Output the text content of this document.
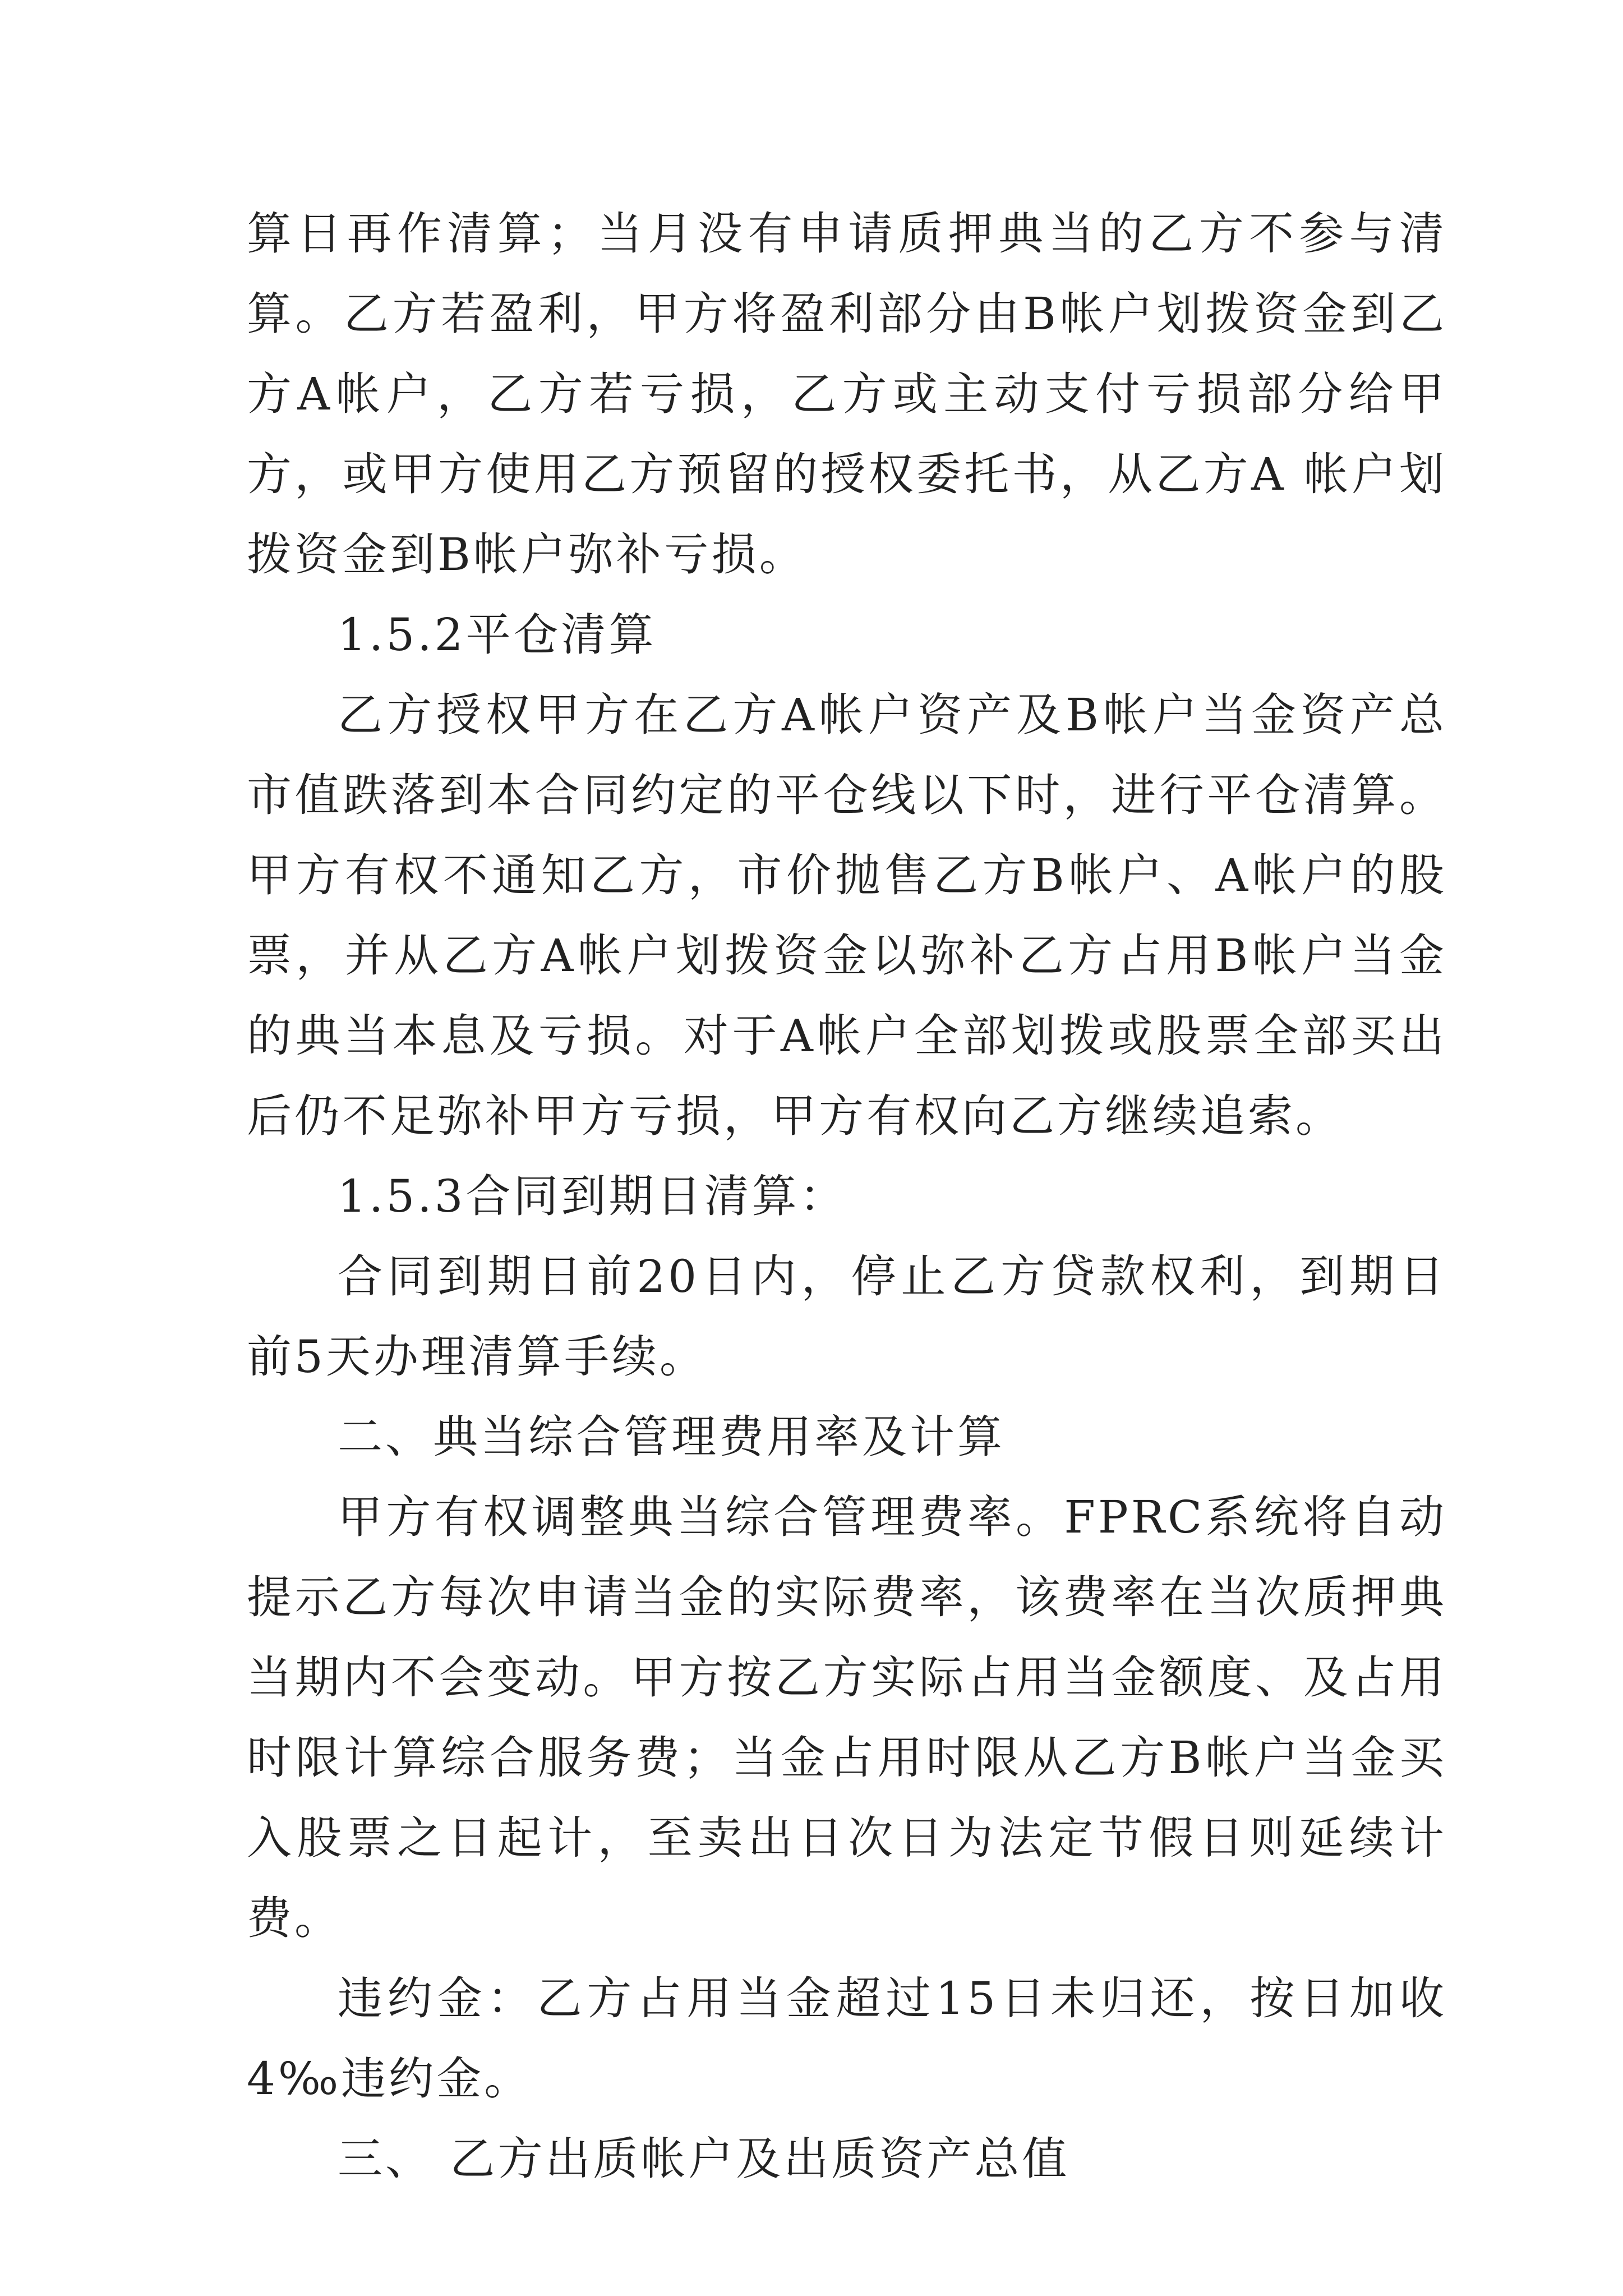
算日再作清算；当月没有申请质押典当的乙方不参与清算。乙方若盈利，甲方将盈利部分由B帐户划拨资金到乙方A帐户，乙方若亏损，乙方或主动支付亏损部分给甲方，或甲方使用乙方预留的授权委托书，从乙方A 帐户划拨资金到B帐户弥补亏损。

1.5.2平仓清算

乙方授权甲方在乙方A帐户资产及B帐户当金资产总市值跌落到本合同约定的平仓线以下时，进行平仓清算。甲方有权不通知乙方，市价抛售乙方B帐户、A帐户的股票，并从乙方A帐户划拨资金以弥补乙方占用B帐户当金的典当本息及亏损。对于A帐户全部划拨或股票全部买出后仍不足弥补甲方亏损，甲方有权向乙方继续追索。

1.5.3合同到期日清算：

合同到期日前20日内，停止乙方贷款权利，到期日前5天办理清算手续。

二、典当综合管理费用率及计算

甲方有权调整典当综合管理费率。FPRC系统将自动提示乙方每次申请当金的实际费率，该费率在当次质押典当期内不会变动。甲方按乙方实际占用当金额度、及占用时限计算综合服务费；当金占用时限从乙方B帐户当金买入股票之日起计，至卖出日次日为法定节假日则延续计费。

违约金：乙方占用当金超过15日未归还，按日加收4‰违约金。

三、 乙方出质帐户及出质资产总值
